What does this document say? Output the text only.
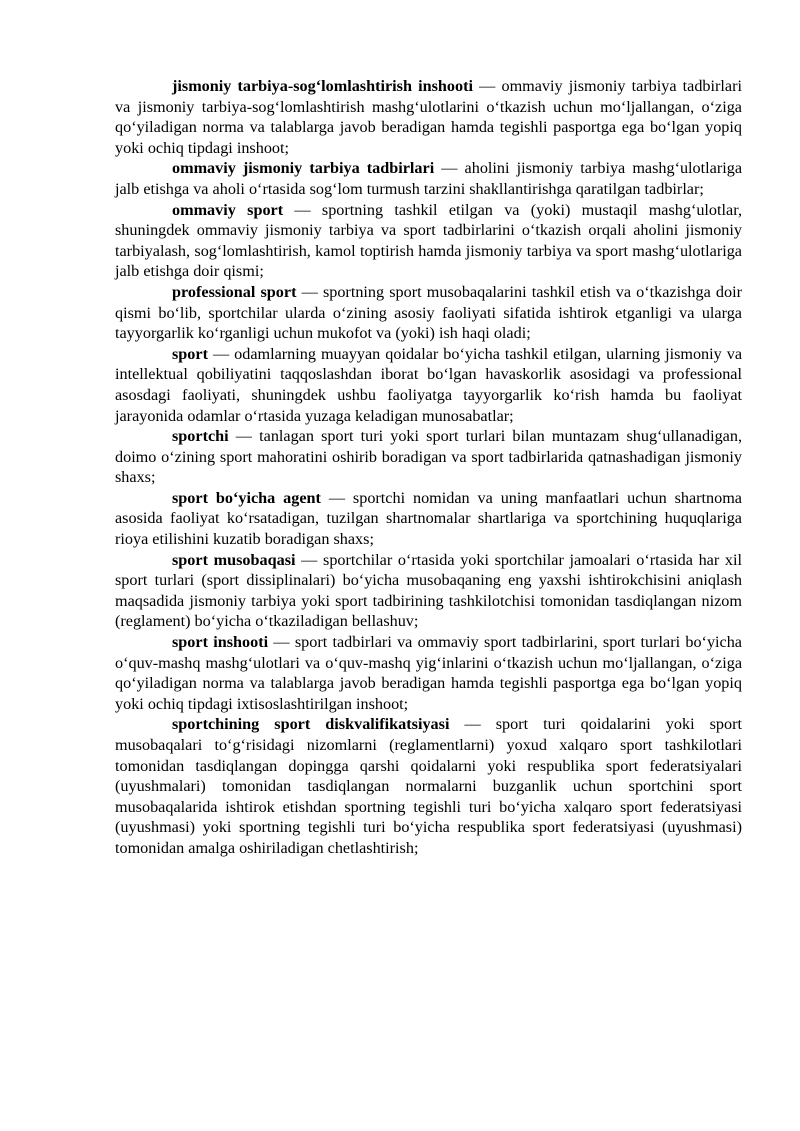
jismoniy tarbiya-sog‘lomlashtirish inshooti — ommaviy jismoniy tarbiya tadbirlari va jismoniy tarbiya-sog‘lomlashtirish mashg‘ulotlarini o‘tkazish uchun mo‘ljallangan, o‘ziga qo‘yiladigan norma va talablarga javob beradigan hamda tegishli pasportga ega bo‘lgan yopiq yoki ochiq tipdagi inshoot;

ommaviy jismoniy tarbiya tadbirlari — aholini jismoniy tarbiya mashg‘ulotlariga jalb etishga va aholi o‘rtasida sog‘lom turmush tarzini shakllantirishga qaratilgan tadbirlar;

ommaviy sport — sportning tashkil etilgan va (yoki) mustaqil mashg‘ulotlar, shuningdek ommaviy jismoniy tarbiya va sport tadbirlarini o‘tkazish orqali aholini jismoniy tarbiyalash, sog‘lomlashtirish, kamol toptirish hamda jismoniy tarbiya va sport mashg‘ulotlariga jalb etishga doir qismi;

professional sport — sportning sport musobaqalarini tashkil etish va o‘tkazishga doir qismi bo‘lib, sportchilar ularda o‘zining asosiy faoliyati sifatida ishtirok etganligi va ularga tayyorgarlik ko‘rganligi uchun mukofot va (yoki) ish haqi oladi;

sport — odamlarning muayyan qoidalar bo‘yicha tashkil etilgan, ularning jismoniy va intellektual qobiliyatini taqqoslashdan iborat bo‘lgan havaskorlik asosidagi va professional asosdagi faoliyati, shuningdek ushbu faoliyatga tayyorgarlik ko‘rish hamda bu faoliyat jarayonida odamlar o‘rtasida yuzaga keladigan munosabatlar;

sportchi — tanlagan sport turi yoki sport turlari bilan muntazam shug‘ullanadigan, doimo o‘zining sport mahoratini oshirib boradigan va sport tadbirlarida qatnashadigan jismoniy shaxs;

sport bo‘yicha agent — sportchi nomidan va uning manfaatlari uchun shartnoma asosida faoliyat ko‘rsatadigan, tuzilgan shartnomalar shartlariga va sportchining huquqlariga rioya etilishini kuzatib boradigan shaxs;

sport musobaqasi — sportchilar o‘rtasida yoki sportchilar jamoalari o‘rtasida har xil sport turlari (sport dissiplinalari) bo‘yicha musobaqaning eng yaxshi ishtirokchisini aniqlash maqsadida jismoniy tarbiya yoki sport tadbirining tashkilotchisi tomonidan tasdiqlangan nizom (reglament) bo‘yicha o‘tkaziladigan bellashuv;

sport inshooti — sport tadbirlari va ommaviy sport tadbirlarini, sport turlari bo‘yicha o‘quv-mashq mashg‘ulotlari va o‘quv-mashq yig‘inlarini o‘tkazish uchun mo‘ljallangan, o‘ziga qo‘yiladigan norma va talablarga javob beradigan hamda tegishli pasportga ega bo‘lgan yopiq yoki ochiq tipdagi ixtisoslashtirilgan inshoot;

sportchining sport diskvalifikatsiyasi — sport turi qoidalarini yoki sport musobaqalari to‘g‘risidagi nizomlarni (reglamentlarni) yoxud xalqaro sport tashkilotlari tomonidan tasdiqlangan dopingga qarshi qoidalarni yoki respublika sport federatsiyalari (uyushmalari) tomonidan tasdiqlangan normalarni buzganlik uchun sportchini sport musobaqalarida ishtirok etishdan sportning tegishli turi bo‘yicha xalqaro sport federatsiyasi (uyushmasi) yoki sportning tegishli turi bo‘yicha respublika sport federatsiyasi (uyushmasi) tomonidan amalga oshiriladigan chetlashtirish;
